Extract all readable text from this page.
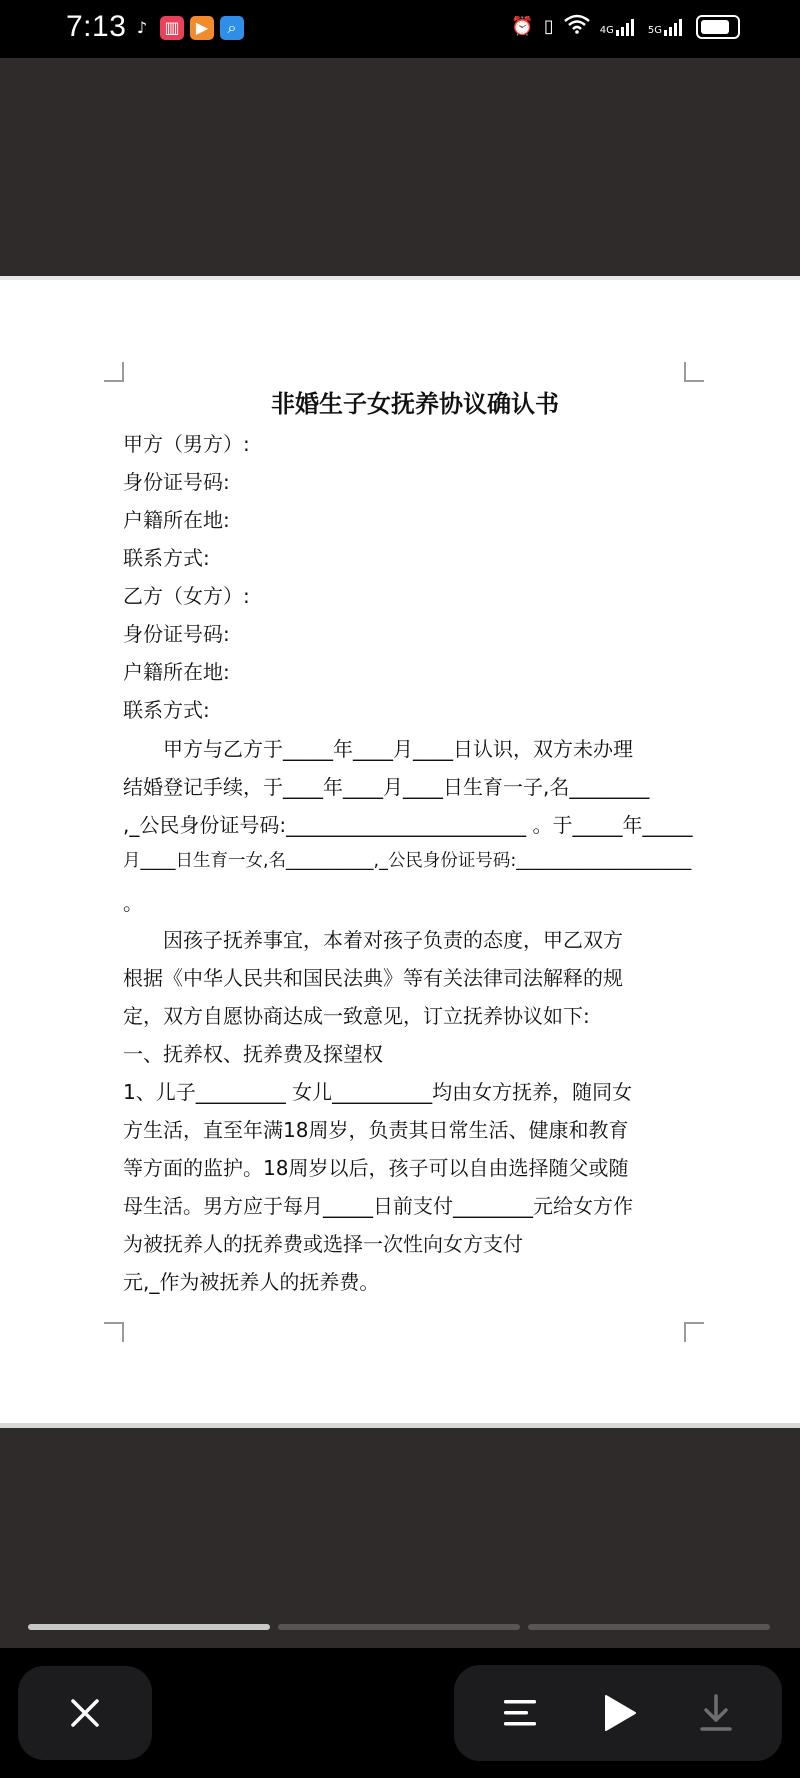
7:13 ♪	▥	▶	⌕	⏰ ▯	4G	5G
非婚生子女抚养协议确认书
甲方（男方）:
身份证号码:
户籍所在地:
联系方式:
乙方（女方）:
身份证号码:
户籍所在地:
联系方式:
　　甲方与乙方于_____年____月____日认识，双方未办理
结婚登记手续，于____年____月____日生育一子,名________
,_公民身份证号码:________________________ 。于_____年_____
月____日生育一女,名__________,_公民身份证号码:____________________
。
　　因孩子抚养事宜，本着对孩子负责的态度，甲乙双方
根据《中华人民共和国民法典》等有关法律司法解释的规
定，双方自愿协商达成一致意见，订立抚养协议如下:
一、抚养权、抚养费及探望权
1、儿子_________ 女儿__________均由女方抚养，随同女
方生活，直至年满18周岁，负责其日常生活、健康和教育
等方面的监护。18周岁以后，孩子可以自由选择随父或随
母生活。男方应于每月_____日前支付________元给女方作
为被抚养人的抚养费或选择一次性向女方支付
元,_作为被抚养人的抚养费。
